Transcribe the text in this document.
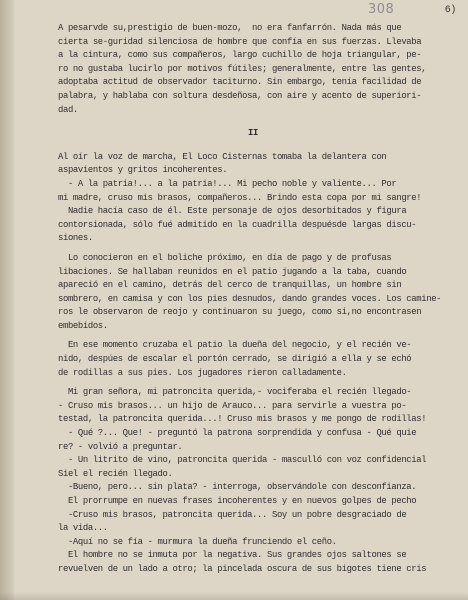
308	6)

A pesarvde su,prestigio de buen-mozo,  no era fanfarrón. Nada más que

cierta se-guridad silenciosa de hombre que confía en sus fuerzas. Llevaba

a la cintura, como sus compañeros, largo cuchillo de hoja triangular, pe-

ro no gustaba lucirlo por motivos fútiles; generalmente, entre las gentes,

adoptaba actitud de observador taciturno. Sin embargo, tenía facilidad de

palabra, y hablaba con soltura desdeñosa, con aire y acento de superiori-

dad.

II

Al oír la voz de marcha, El Loco Cisternas tomaba la delantera con

aspavientos y gritos incoherentes.

- A la patria!... a la patria!... Mi pecho noble y valiente... Por

mi madre, cruso mis brasos, compañeros... Brindo esta copa por mi sangre!

Nadie hacía caso de él. Este personaje de ojos desorbitados y figura

contorsionada, sólo fué admitido en la cuadrilla despuésde largas discu-

siones.

Lo conocieron en el boliche próximo, en día de pago y de profusas

libaciones. Se hallaban reunidos en el patio jugando a la taba, cuando

apareció en el camino, detrás del cerco de tranquillas, un hombre sin

sombrero, en camisa y con los pies desnudos, dando grandes voces. Los camine-

ros le observaron de reojo y continuaron su juego, como si,no encontrasen

embebidos.

En ese momento cruzaba el patio la dueña del negocio, y el recién ve-

nido, despúes de escalar el portón cerrado, se dirigió a ella y se echó

de rodillas a sus pies. Los jugadores rieron calladamente.

Mi gran señora, mi patroncita querida,- vociferaba el recién llegado-

- Cruso mis brasos... un hijo de Arauco... para servirle a vuestra po-

testad, la patroncita querida...! Cruso mis brasos y me pongo de rodillas!

- Qué ?... Que! - preguntó la patrona sorprendida y confusa - Qué quie

re? - volvió a preguntar.

- Un litrito de vino, patroncita querida - masculló con voz confidencial

Siel el recién llegado.

-Bueno, pero... sin plata? - interroga, observándole con desconfianza.

El prorrumpe en nuevas frases incoherentes y en nuevos golpes de pecho

-Cruso mis brasos, patroncita querida... Soy un pobre desgraciado de

la vida...

-Aquí no se fía - murmura la dueña frunciendo el ceño.

El hombre no se inmuta por la negativa. Sus grandes ojos saltones se

revuelven de un lado a otro; la pincelada oscura de sus bigotes tiene cris
